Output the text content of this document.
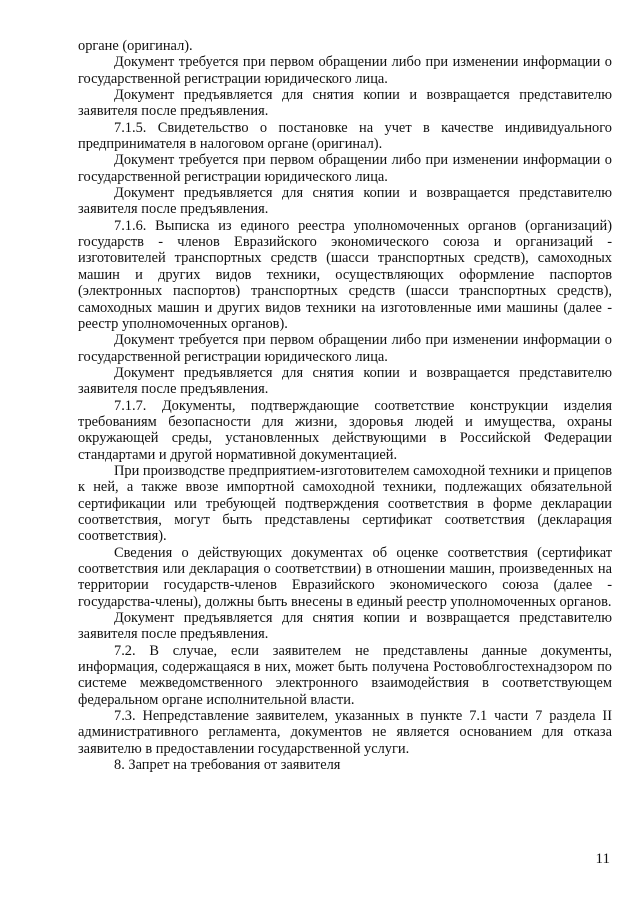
органе (оригинал).

Документ требуется при первом обращении либо при изменении информации о государственной регистрации юридического лица.

Документ предъявляется для снятия копии и возвращается представителю заявителя после предъявления.

7.1.5. Свидетельство о постановке на учет в качестве индивидуального предпринимателя в налоговом органе (оригинал).

Документ требуется при первом обращении либо при изменении информации о государственной регистрации юридического лица.

Документ предъявляется для снятия копии и возвращается представителю заявителя после предъявления.

7.1.6. Выписка из единого реестра уполномоченных органов (организаций) государств - членов Евразийского экономического союза и организаций - изготовителей транспортных средств (шасси транспортных средств), самоходных машин и других видов техники, осуществляющих оформление паспортов (электронных паспортов) транспортных средств (шасси транспортных средств), самоходных машин и других видов техники на изготовленные ими машины (далее - реестр уполномоченных органов).

Документ требуется при первом обращении либо при изменении информации о государственной регистрации юридического лица.

Документ предъявляется для снятия копии и возвращается представителю заявителя после предъявления.

7.1.7. Документы, подтверждающие соответствие конструкции изделия требованиям безопасности для жизни, здоровья людей и имущества, охраны окружающей среды, установленных действующими в Российской Федерации стандартами и другой нормативной документацией.

При производстве предприятием-изготовителем самоходной техники и прицепов к ней, а также ввозе импортной самоходной техники, подлежащих обязательной сертификации или требующей подтверждения соответствия в форме декларации соответствия, могут быть представлены сертификат соответствия (декларация соответствия).

Сведения о действующих документах об оценке соответствия (сертификат соответствия или декларация о соответствии) в отношении машин, произведенных на территории государств-членов Евразийского экономического союза (далее - государства-члены), должны быть внесены в единый реестр уполномоченных органов.

Документ предъявляется для снятия копии и возвращается представителю заявителя после предъявления.

7.2. В случае, если заявителем не представлены данные документы, информация, содержащаяся в них, может быть получена Ростовоблгостехнадзором по системе межведомственного электронного взаимодействия в соответствующем федеральном органе исполнительной власти.

7.3. Непредставление заявителем, указанных в пункте 7.1 части 7 раздела II административного регламента, документов не является основанием для отказа заявителю в предоставлении государственной услуги.

8. Запрет на требования от заявителя

11
